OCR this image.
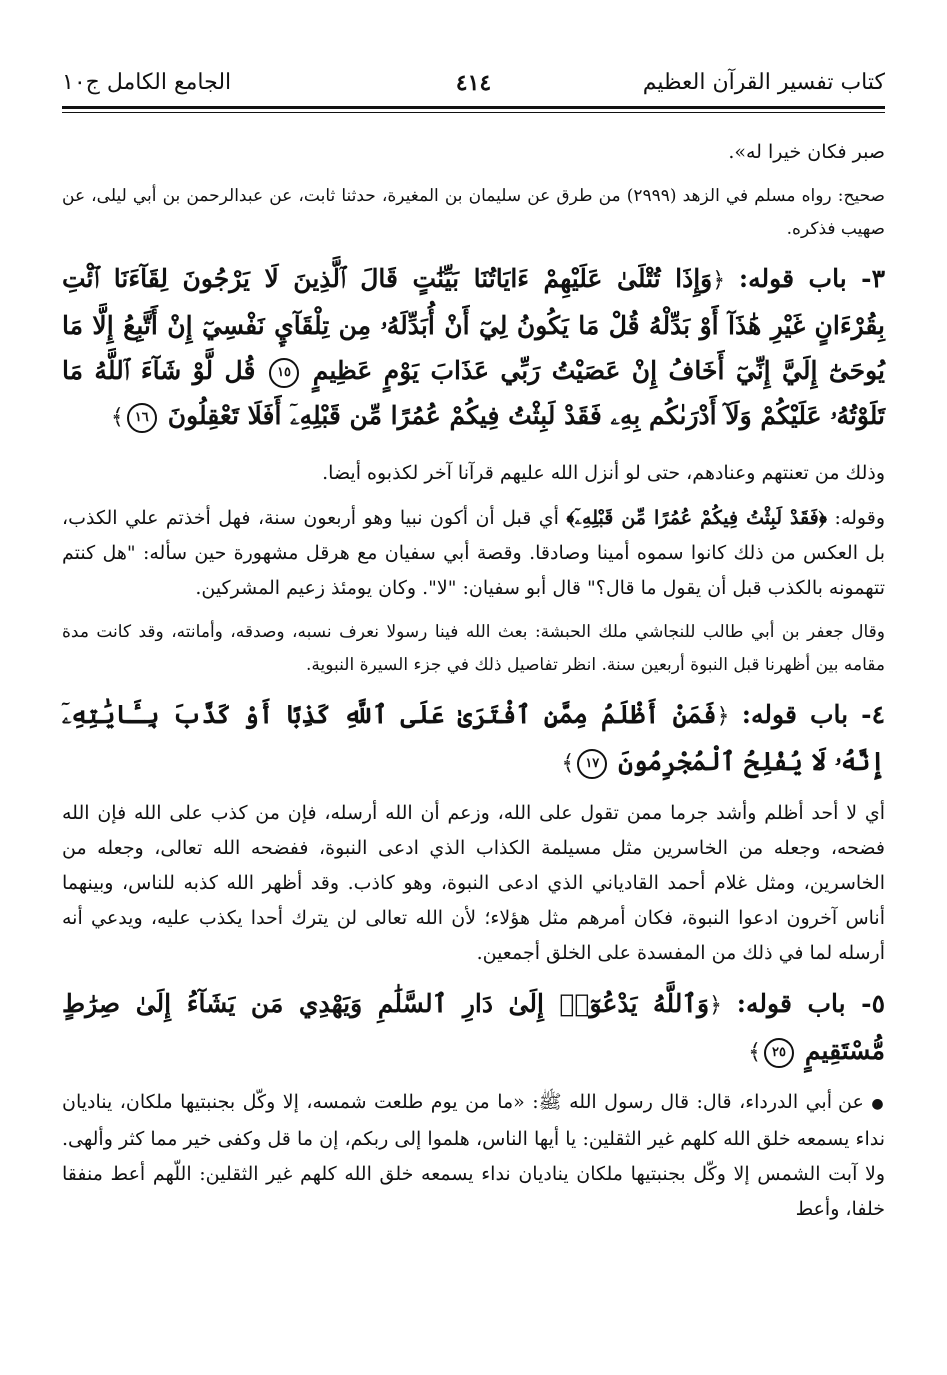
كتاب تفسير القرآن العظيم
٤١٤
الجامع الكامل ج١٠

صبر فكان خيرا له».

صحيح: رواه مسلم في الزهد (٢٩٩٩) من طرق عن سليمان بن المغيرة، حدثنا ثابت، عن عبدالرحمن بن أبي ليلى، عن صهيب فذكره.

٣- باب قوله: ﴿وَإِذَا تُتْلَىٰ عَلَيْهِمْ ءَايَاتُنَا بَيِّنَٰتٍ قَالَ ٱلَّذِينَ لَا يَرْجُونَ لِقَآءَنَا ٱئْتِ بِقُرْءَانٍ غَيْرِ هَٰذَآ أَوْ بَدِّلْهُ قُلْ مَا يَكُونُ لِيٓ أَنْ أُبَدِّلَهُۥ مِن تِلْقَآيِٕ نَفْسِيٓ إِنْ أَتَّبِعُ إِلَّا مَا يُوحَىٰٓ إِلَيَّ إِنِّيٓ أَخَافُ إِنْ عَصَيْتُ رَبِّي عَذَابَ يَوْمٍ عَظِيمٍ ١٥ قُل لَّوْ شَآءَ ٱللَّهُ مَا تَلَوْتُهُۥ عَلَيْكُمْ وَلَآ أَدْرَىٰكُم بِهِۦ فَقَدْ لَبِثْتُ فِيكُمْ عُمُرًا مِّن قَبْلِهِۦٓ أَفَلَا تَعْقِلُونَ ١٦﴾

وذلك من تعنتهم وعنادهم، حتى لو أنزل الله عليهم قرآنا آخر لكذبوه أيضا.

وقوله: ﴿فَقَدْ لَبِثْتُ فِيكُمْ عُمُرًا مِّن قَبْلِهِۦٓ﴾ أي قبل أن أكون نبيا وهو أربعون سنة، فهل أخذتم علي الكذب، بل العكس من ذلك كانوا سموه أمينا وصادقا. وقصة أبي سفيان مع هرقل مشهورة حين سأله: "هل كنتم تتهمونه بالكذب قبل أن يقول ما قال؟" قال أبو سفيان: "لا". وكان يومئذ زعيم المشركين.

وقال جعفر بن أبي طالب للنجاشي ملك الحبشة: بعث الله فينا رسولا نعرف نسبه، وصدقه، وأمانته، وقد كانت مدة مقامه بين أظهرنا قبل النبوة أربعين سنة. انظر تفاصيل ذلك في جزء السيرة النبوية.

٤- باب قوله: ﴿فَمَنْ أَظْلَمُ مِمَّنِ ٱفْتَرَىٰ عَلَى ٱللَّهِ كَذِبًا أَوْ كَذَّبَ بِـَٔايَٰتِهِۦٓ إِنَّهُۥ لَا يُفْلِحُ ٱلْمُجْرِمُونَ ١٧﴾

أي لا أحد أظلم وأشد جرما ممن تقول على الله، وزعم أن الله أرسله، فإن من كذب على الله فإن الله فضحه، وجعله من الخاسرين مثل مسيلمة الكذاب الذي ادعى النبوة، ففضحه الله تعالى، وجعله من الخاسرين، ومثل غلام أحمد القادياني الذي ادعى النبوة، وهو كاذب. وقد أظهر الله كذبه للناس، وبينهما أناس آخرون ادعوا النبوة، فكان أمرهم مثل هؤلاء؛ لأن الله تعالى لن يترك أحدا يكذب عليه، ويدعي أنه أرسله لما في ذلك من المفسدة على الخلق أجمعين.

٥- باب قوله: ﴿وَٱللَّهُ يَدْعُوٓا۟ إِلَىٰ دَارِ ٱلسَّلَٰمِ وَيَهْدِي مَن يَشَآءُ إِلَىٰ صِرَٰطٍ مُّسْتَقِيمٍ ٢٥﴾

● عن أبي الدرداء، قال: قال رسول الله ﷺ: «ما من يوم طلعت شمسه، إلا وكّل بجنبتيها ملكان، يناديان نداء يسمعه خلق الله كلهم غير الثقلين: يا أيها الناس، هلموا إلى ربكم، إن ما قل وكفى خير مما كثر وألهى. ولا آبت الشمس إلا وكّل بجنبتيها ملكان يناديان نداء يسمعه خلق الله كلهم غير الثقلين: اللّهم أعط منفقا خلفا، وأعط
